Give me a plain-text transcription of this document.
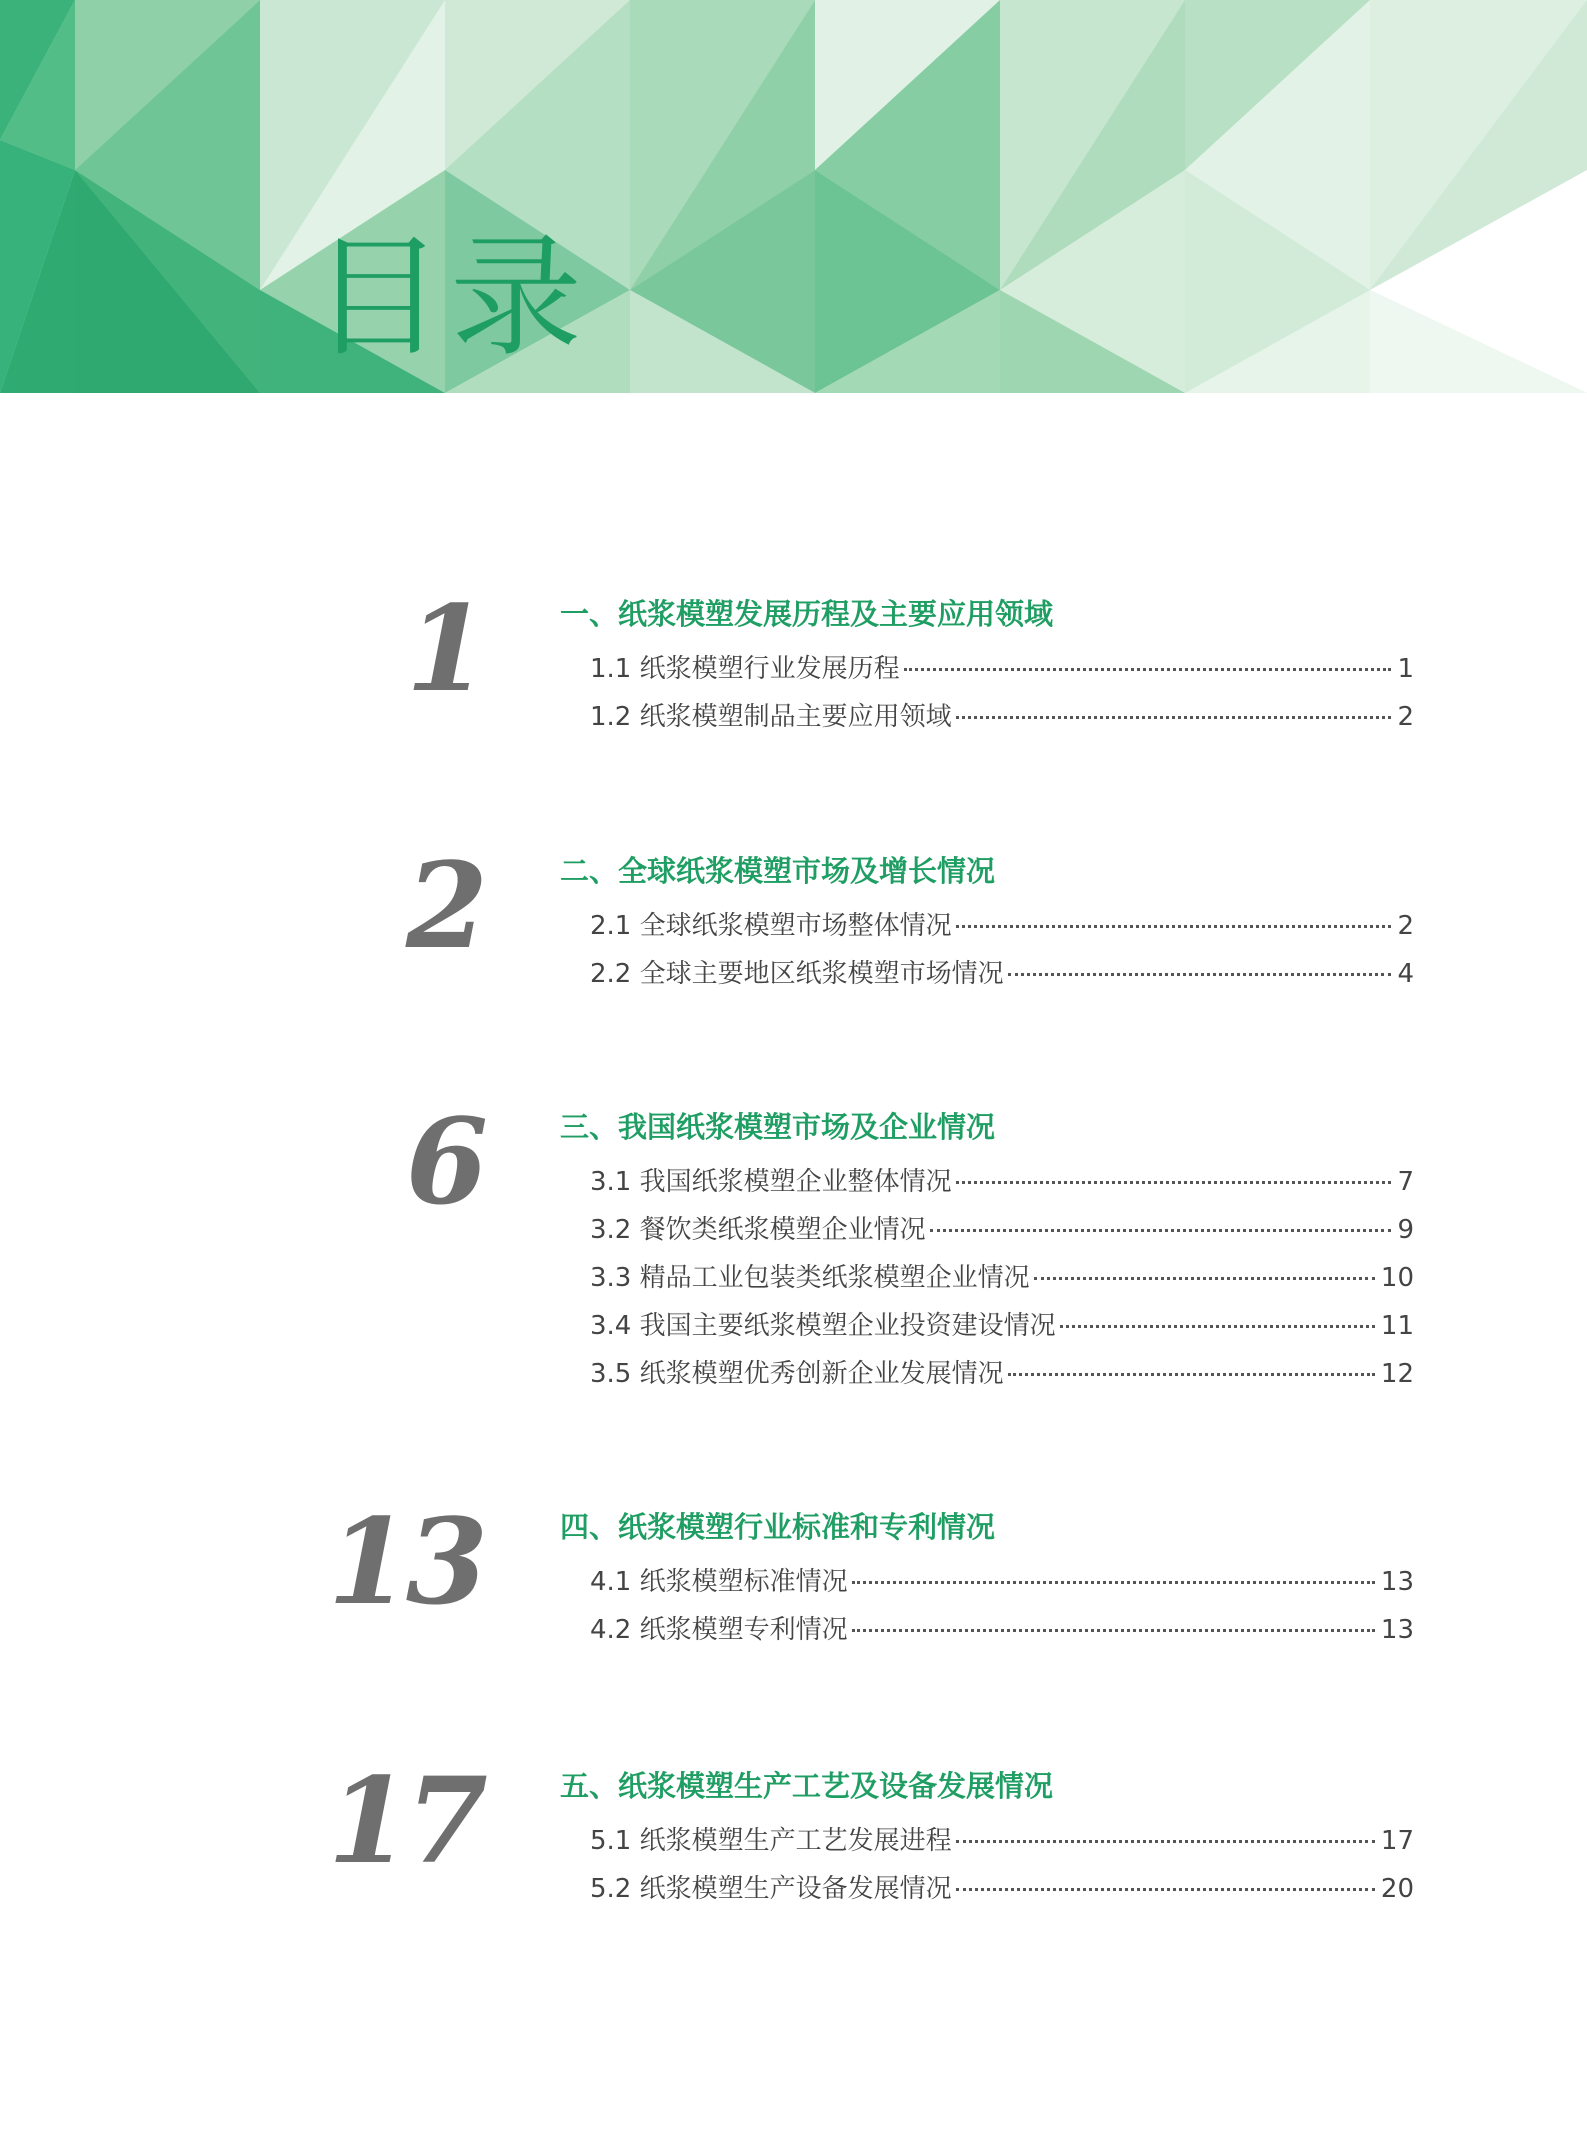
目录
1	一、纸浆模塑发展历程及主要应用领域
1.1 纸浆模塑行业发展历程	1
1.2 纸浆模塑制品主要应用领域	2
2	二、全球纸浆模塑市场及增长情况
2.1 全球纸浆模塑市场整体情况	2
2.2 全球主要地区纸浆模塑市场情况	4
6	三、我国纸浆模塑市场及企业情况
3.1 我国纸浆模塑企业整体情况	7
3.2 餐饮类纸浆模塑企业情况	9
3.3 精品工业包装类纸浆模塑企业情况	10
3.4 我国主要纸浆模塑企业投资建设情况	11
3.5 纸浆模塑优秀创新企业发展情况	12
13	四、纸浆模塑行业标准和专利情况
4.1 纸浆模塑标准情况	13
4.2 纸浆模塑专利情况	13
17	五、纸浆模塑生产工艺及设备发展情况
5.1 纸浆模塑生产工艺发展进程	17
5.2 纸浆模塑生产设备发展情况	20
